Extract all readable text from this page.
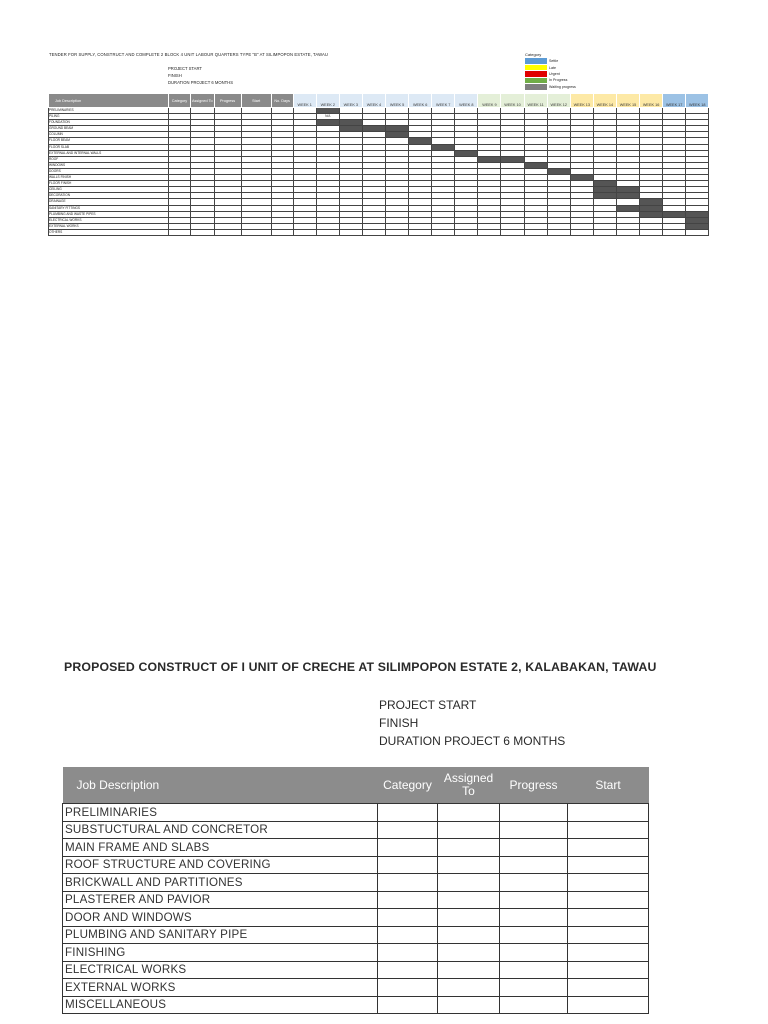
TENDER FOR SUPPLY, CONSTRUCT AND COMPLETE 2 BLOCK 4 UNIT LABOUR QUARTERS TYPE "B" AT SILIMPOPON ESTATE, TAWAU
PROJECT START
FINISH
DURATION PROJECT 6 MONTHS
Category
Settle
Late
Urgent
In Progress
Waiting progress
Job Description	Category	Assigned To	Progress	Start	No. Days	WEEK 1	WEEK 2	WEEK 3	WEEK 4	WEEK 5	WEEK 6	WEEK 7	WEEK 8	WEEK 9	WEEK 10	WEEK 11	WEEK 12	WEEK 13	WEEK 14	WEEK 15	WEEK 16	WEEK 17	WEEK 18
PRELIMINARIES																							
PILING							N/A																
FOUNDATION																							
GROUND BEAM																							
COLUMN																							
FLOOR BEAM																							
FLOOR SLAB																							
EXTERNAL AND INTERNAL WALLS																							
ROOF																							
WINDOWS																							
DOORS																							
WALLS FINISH																							
FLOOR FINISH																							
CEILING																							
DECORATION																							
DRAINAGE																							
SANITARY FITTINGS																							
PLUMBING AND WASTE PIPES																							
ELECTRICAL WORKS																							
EXTERNAL WORKS																							
OTHERS																							
PROPOSED CONSTRUCT OF I UNIT OF CRECHE AT SILIMPOPON ESTATE 2, KALABAKAN, TAWAU
PROJECT START
FINISH
DURATION PROJECT 6 MONTHS
Job Description	Category	Assigned To	Progress	Start
PRELIMINARIES				
SUBSTUCTURAL AND CONCRETOR				
MAIN FRAME AND SLABS				
ROOF STRUCTURE AND COVERING				
BRICKWALL AND PARTITIONES				
PLASTERER AND PAVIOR				
DOOR AND WINDOWS				
PLUMBING AND SANITARY PIPE				
FINISHING				
ELECTRICAL WORKS				
EXTERNAL WORKS				
MISCELLANEOUS				
